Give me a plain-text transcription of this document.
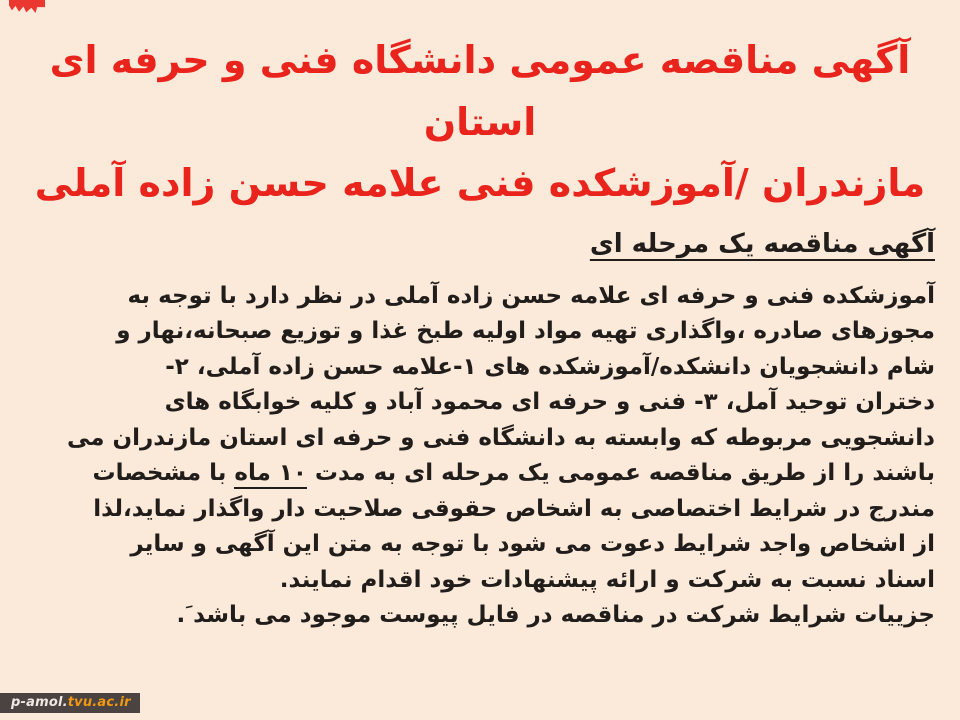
آگهی مناقصه عمومی دانشگاه فنی و حرفه ای استان
مازندران /آموزشکده فنی علامه حسن زاده آملی
آگهی مناقصه یک مرحله ای
آموزشکده فنی و حرفه ای علامه حسن زاده آملی در نظر دارد با توجه به
مجوزهای صادره ،واگذاری تهیه مواد اولیه طبخ غذا و توزیع صبحانه،نهار و
شام دانشجویان دانشکده/آموزشکده های ۱-علامه حسن زاده آملی، ۲-
دختران توحید آمل، ۳- فنی و حرفه ای محمود آباد و کلیه خوابگاه های
دانشجویی مربوطه که وابسته به دانشگاه فنی و حرفه ای استان مازندران می
باشند را از طریق مناقصه عمومی یک مرحله ای به مدت ۱۰ ماه با مشخصات
مندرج در شرایط اختصاصی به اشخاص حقوقی صلاحیت دار واگذار نماید،لذا
از اشخاص واجد شرایط دعوت می شود با توجه به متن این آگهی و سایر
اسناد نسبت به شرکت و ارائه پیشنهادات خود اقدام نمایند.
جزییات شرایط شرکت در مناقصه در فایل پیوست موجود می باشد َ.
p-amol.tvu.ac.ir
